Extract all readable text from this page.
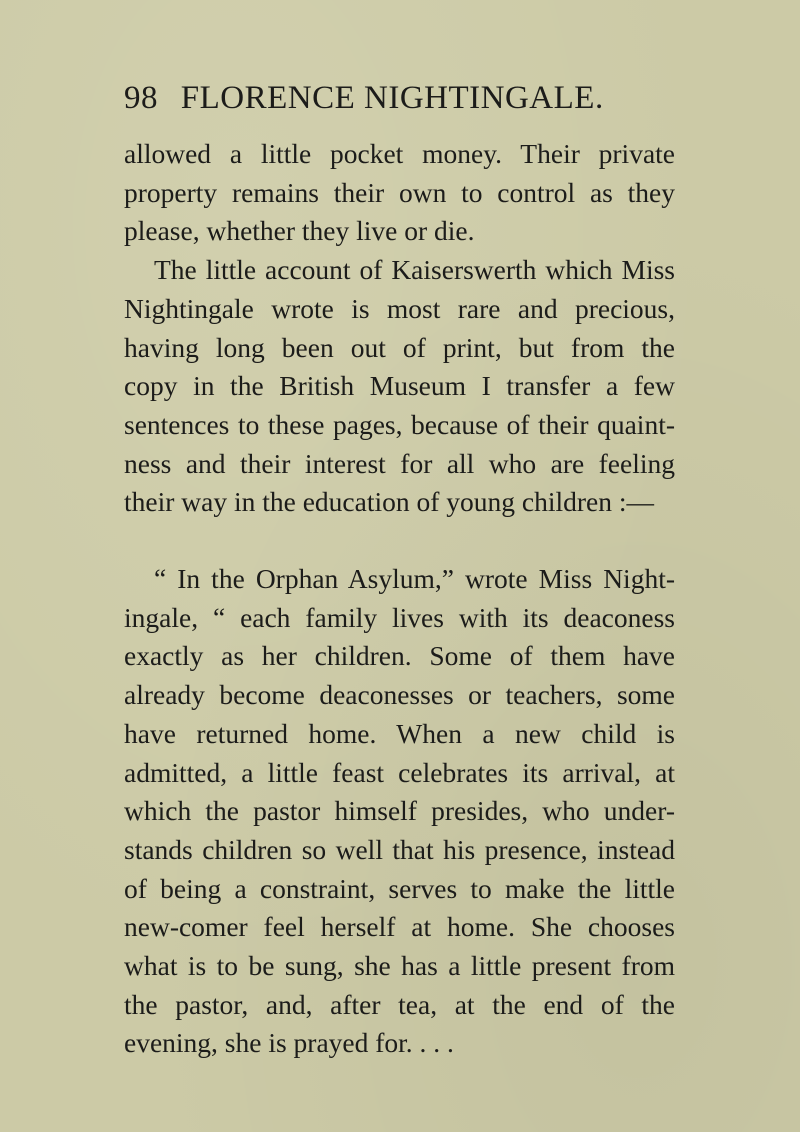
98 FLORENCE NIGHTINGALE.
allowed a little pocket money. Their private
property remains their own to control as they
please, whether they live or die.
The little account of Kaiserswerth which Miss
Nightingale wrote is most rare and precious,
having long been out of print, but from the
copy in the British Museum I transfer a few
sentences to these pages, because of their quaint-
ness and their interest for all who are feeling
their way in the education of young children :—
“ In the Orphan Asylum,” wrote Miss Night-
ingale, “ each family lives with its deaconess
exactly as her children. Some of them have
already become deaconesses or teachers, some
have returned home. When a new child is
admitted, a little feast celebrates its arrival, at
which the pastor himself presides, who under-
stands children so well that his presence, instead
of being a constraint, serves to make the little
new-comer feel herself at home. She chooses
what is to be sung, she has a little present from
the pastor, and, after tea, at the end of the
evening, she is prayed for. . . .
